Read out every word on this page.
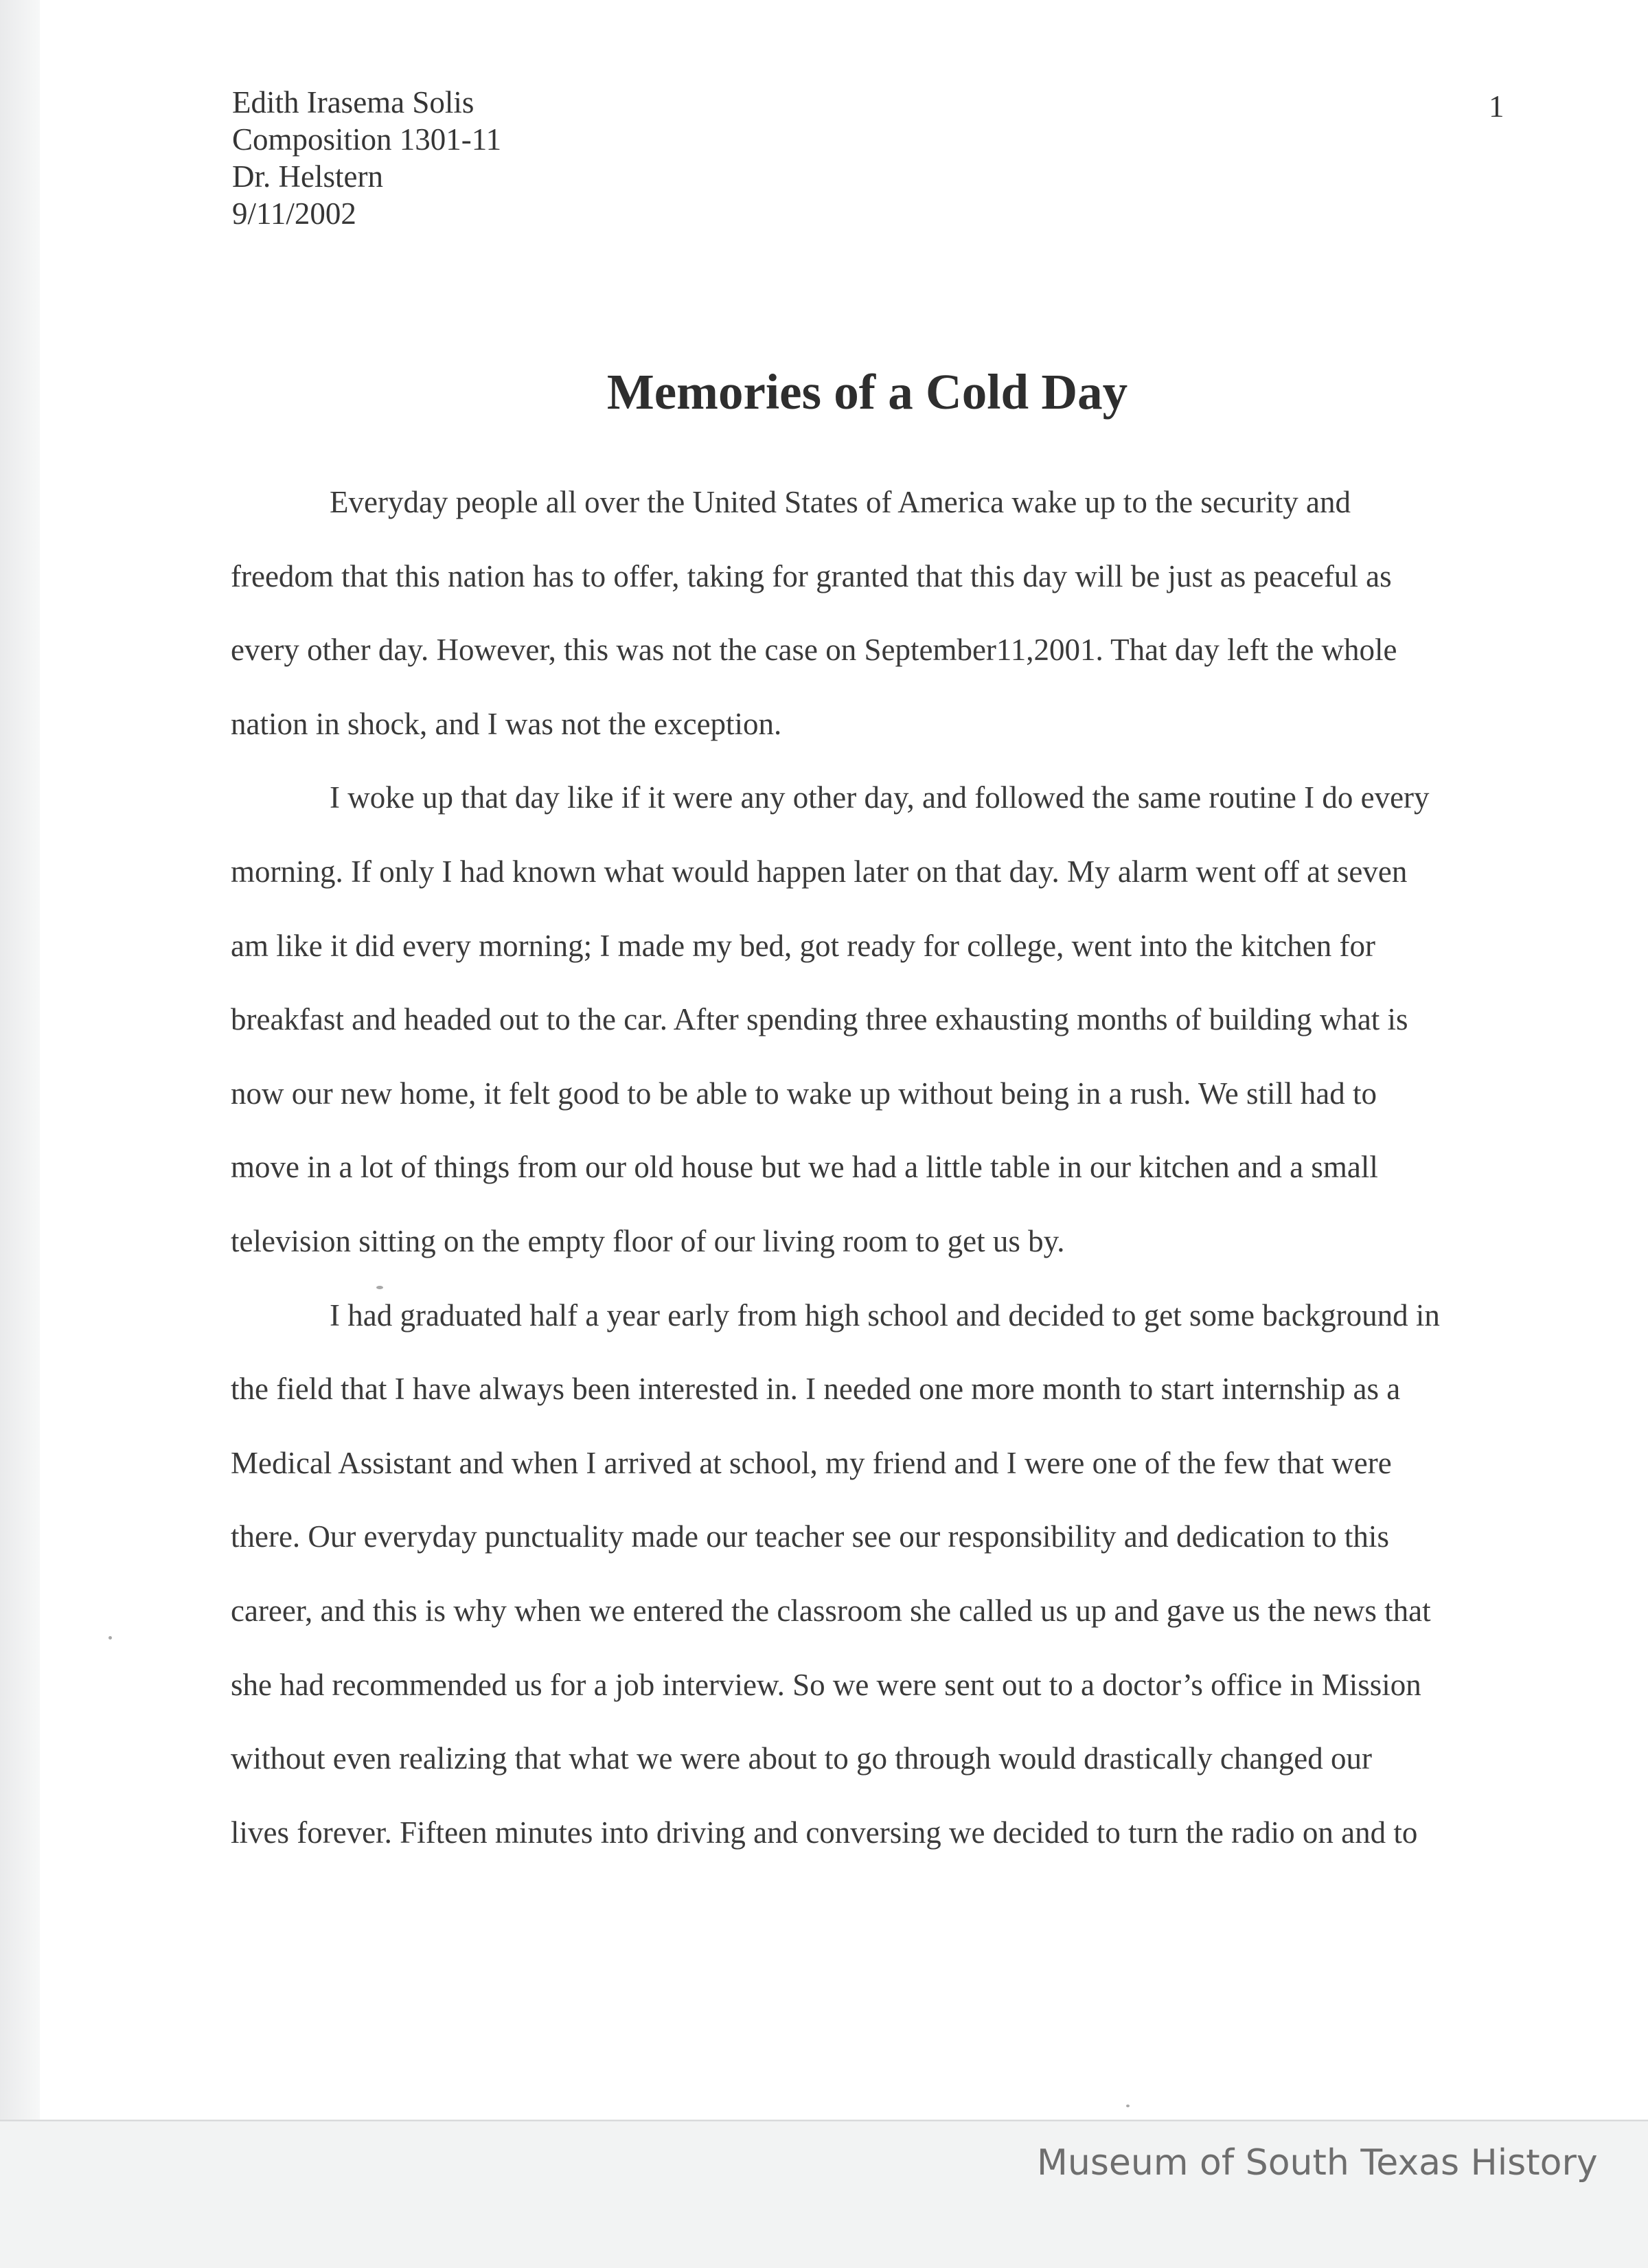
Edith Irasema Solis
Composition 1301-11
Dr. Helstern
9/11/2002
1
Memories of a Cold Day
Everyday people all over the United States of America wake up to the security and
freedom that this nation has to offer, taking for granted that this day will be just as peaceful as
every other day. However, this was not the case on September11,2001. That day left the whole
nation in shock, and I was not the exception.
I woke up that day like if it were any other day, and followed the same routine I do every
morning. If only I had known what would happen later on that day. My alarm went off at seven
am like it did every morning; I made my bed, got ready for college, went into the kitchen for
breakfast and headed out to the car. After spending three exhausting months of building what is
now our new home, it felt good to be able to wake up without being in a rush. We still had to
move in a lot of things from our old house but we had a little table in our kitchen and a small
television sitting on the empty floor of our living room to get us by.
I had graduated half a year early from high school and decided to get some background in
the field that I have always been interested in. I needed one more month to start internship as a
Medical Assistant and when I arrived at school, my friend and I were one of the few that were
there. Our everyday punctuality made our teacher see our responsibility and dedication to this
career, and this is why when we entered the classroom she called us up and gave us the news that
she had recommended us for a job interview. So we were sent out to a doctor’s office in Mission
without even realizing that what we were about to go through would drastically changed our
lives forever. Fifteen minutes into driving and conversing we decided to turn the radio on and to
Museum of South Texas History
